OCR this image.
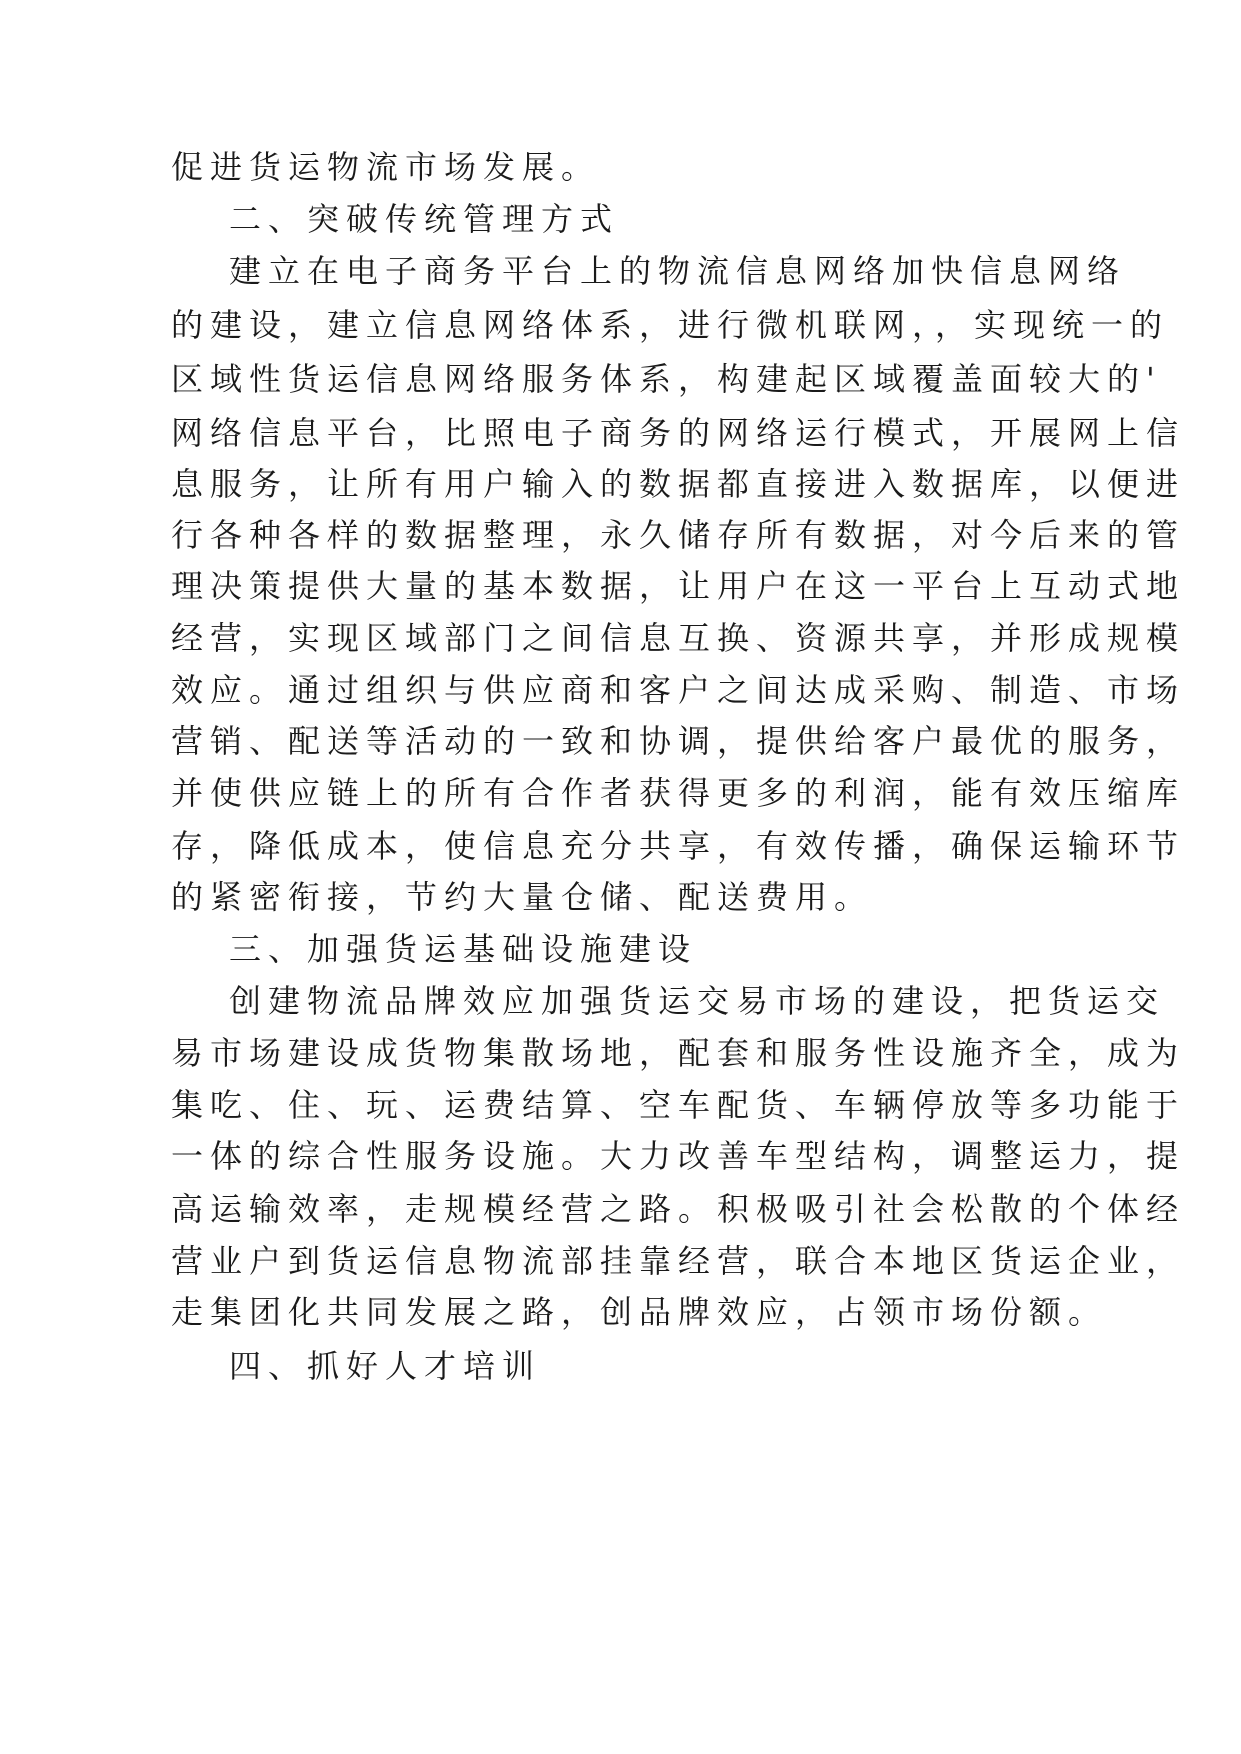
促进货运物流市场发展。
二、突破传统管理方式
建立在电子商务平台上的物流信息网络加快信息网络
的建设，建立信息网络体系，进行微机联网，，实现统一的
区域性货运信息网络服务体系，构建起区域覆盖面较大的'
网络信息平台，比照电子商务的网络运行模式，开展网上信
息服务，让所有用户输入的数据都直接进入数据库，以便进
行各种各样的数据整理，永久储存所有数据，对今后来的管
理决策提供大量的基本数据，让用户在这一平台上互动式地
经营，实现区域部门之间信息互换、资源共享，并形成规模
效应。通过组织与供应商和客户之间达成采购、制造、市场
营销、配送等活动的一致和协调，提供给客户最优的服务，
并使供应链上的所有合作者获得更多的利润，能有效压缩库
存，降低成本，使信息充分共享，有效传播，确保运输环节
的紧密衔接，节约大量仓储、配送费用。
三、加强货运基础设施建设
创建物流品牌效应加强货运交易市场的建设，把货运交
易市场建设成货物集散场地，配套和服务性设施齐全，成为
集吃、住、玩、运费结算、空车配货、车辆停放等多功能于
一体的综合性服务设施。大力改善车型结构，调整运力，提
高运输效率，走规模经营之路。积极吸引社会松散的个体经
营业户到货运信息物流部挂靠经营，联合本地区货运企业，
走集团化共同发展之路，创品牌效应，占领市场份额。
四、抓好人才培训
